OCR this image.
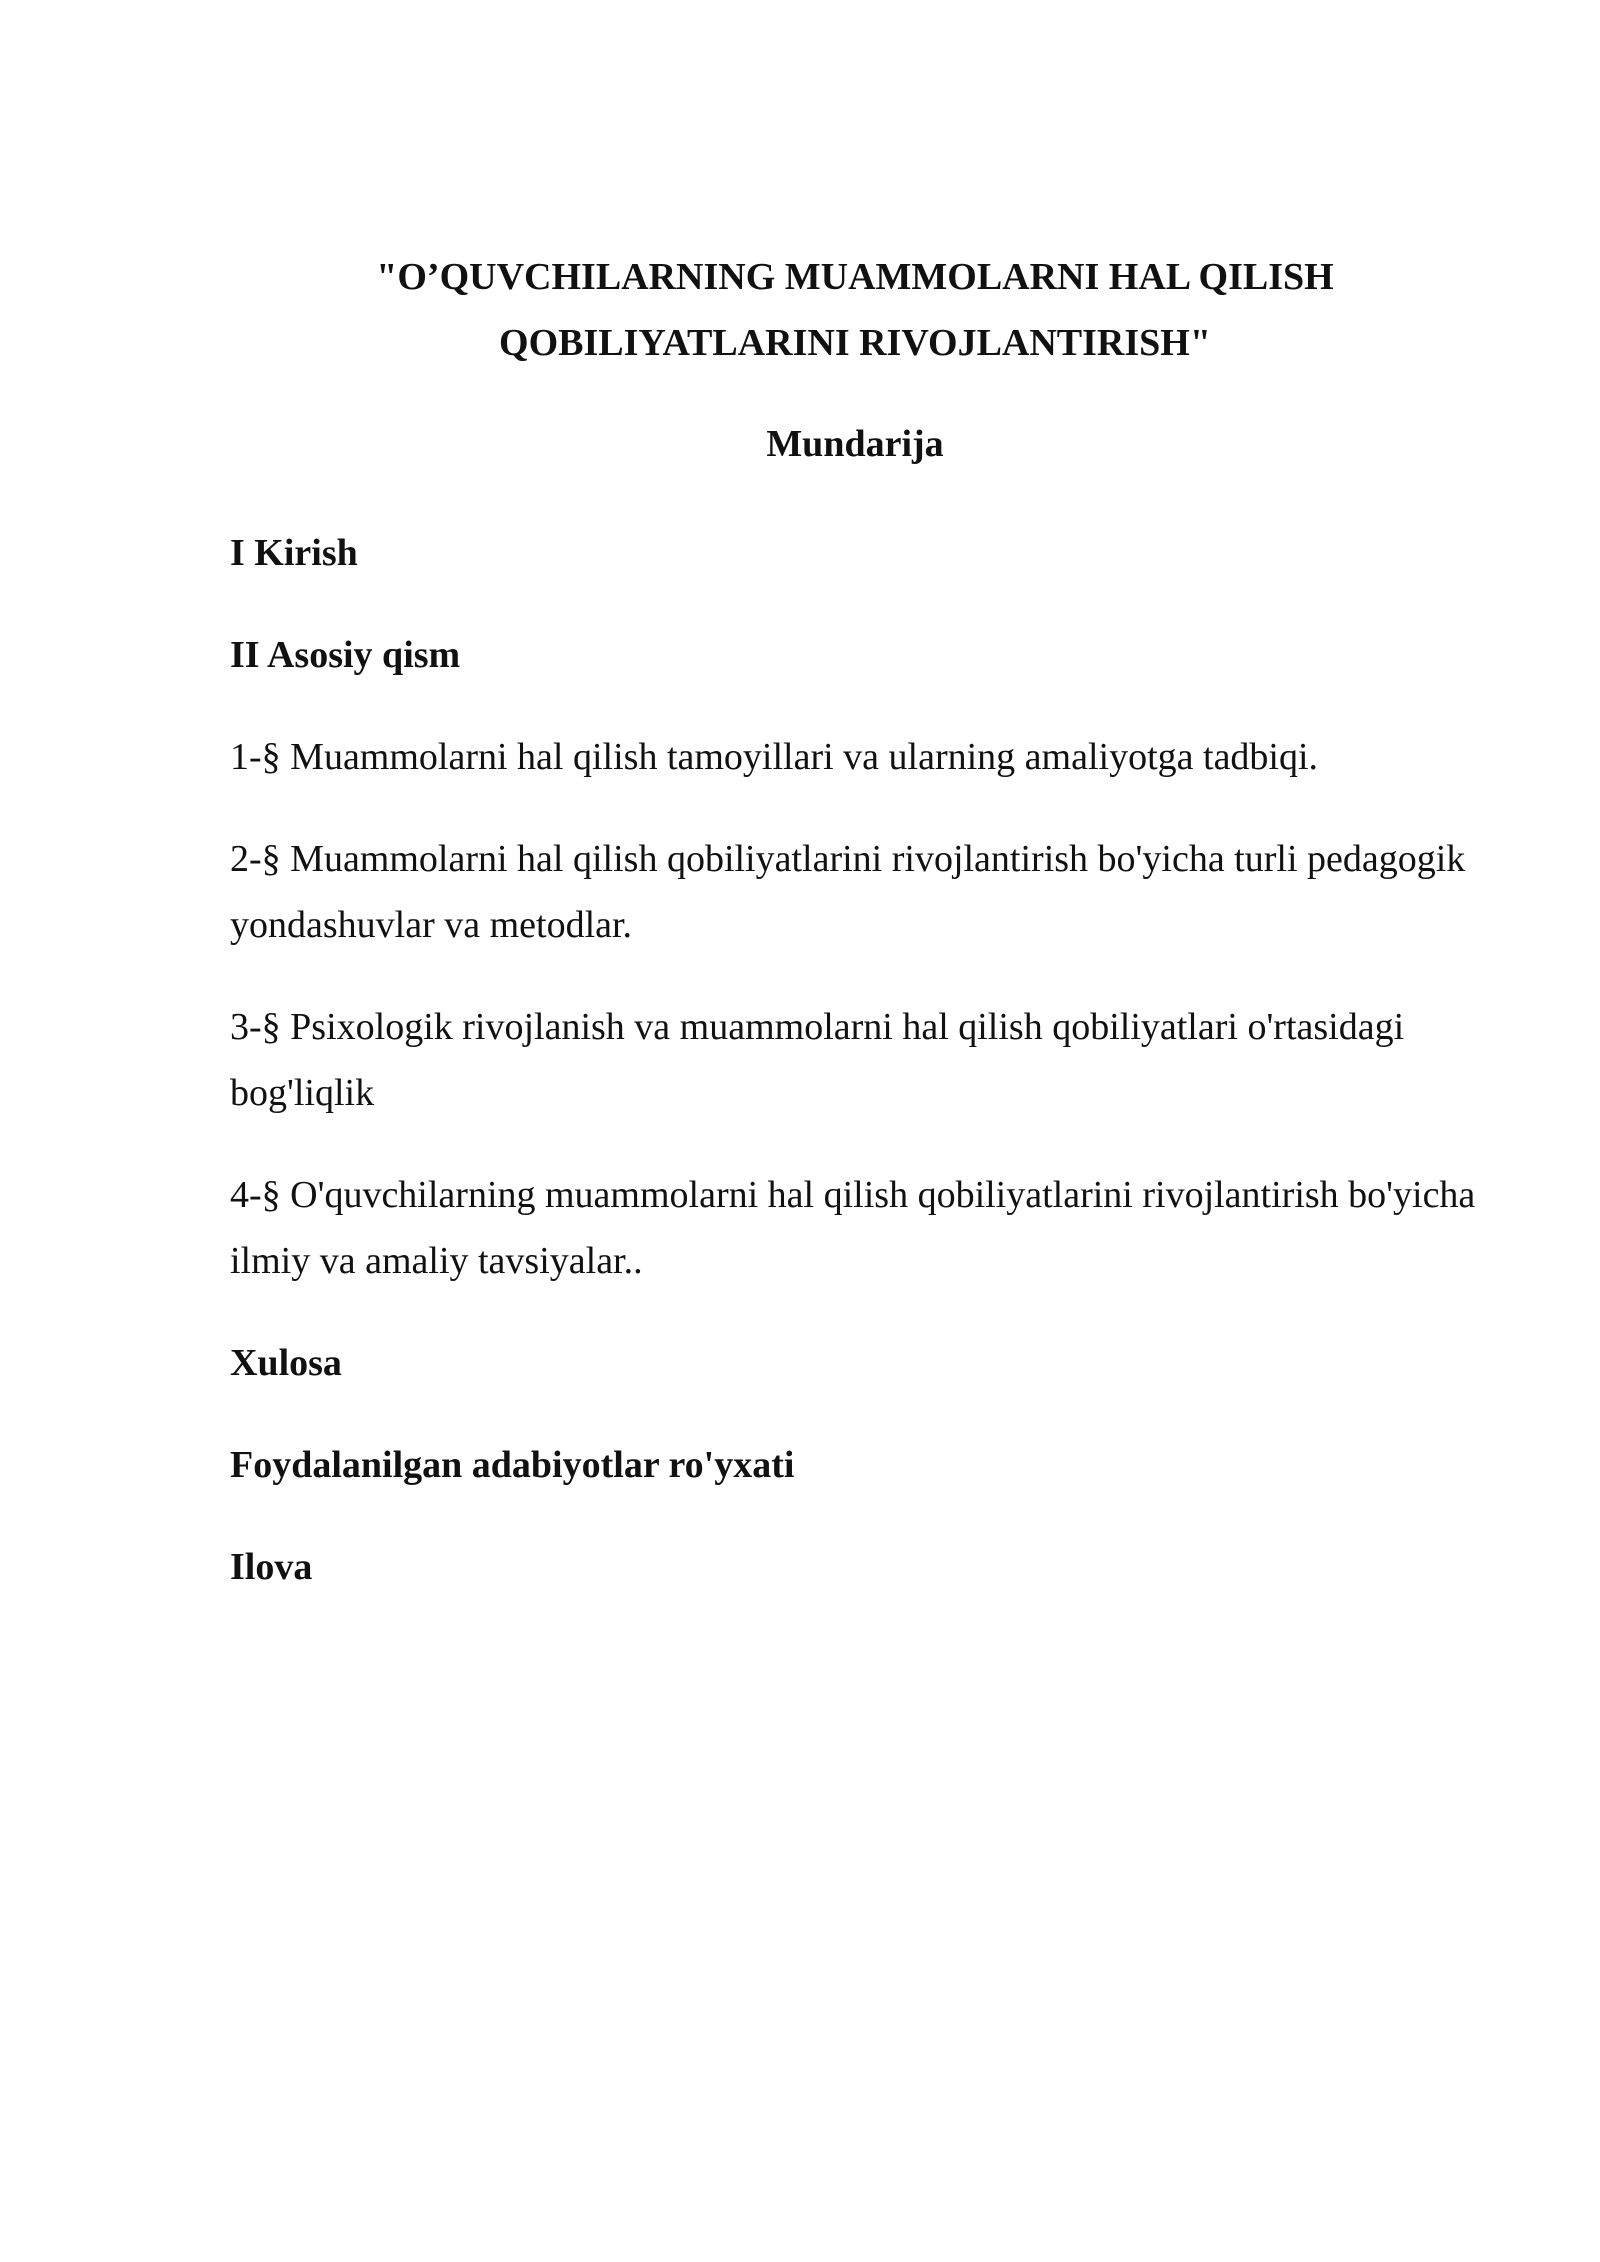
"O’QUVCHILARNING MUAMMOLARNI HAL QILISH
QOBILIYATLARINI RIVOJLANTIRISH"
Mundarija
I Kirish
II Asosiy qism
1-§ Muammolarni hal qilish tamoyillari va ularning amaliyotga tadbiqi.
2-§ Muammolarni hal qilish qobiliyatlarini rivojlantirish bo'yicha turli pedagogik yondashuvlar va metodlar.
3-§ Psixologik rivojlanish va muammolarni hal qilish qobiliyatlari o'rtasidagi bog'liqlik
4-§ O'quvchilarning muammolarni hal qilish qobiliyatlarini rivojlantirish bo'yicha ilmiy va amaliy tavsiyalar..
Xulosa
Foydalanilgan adabiyotlar ro'yxati
Ilova
